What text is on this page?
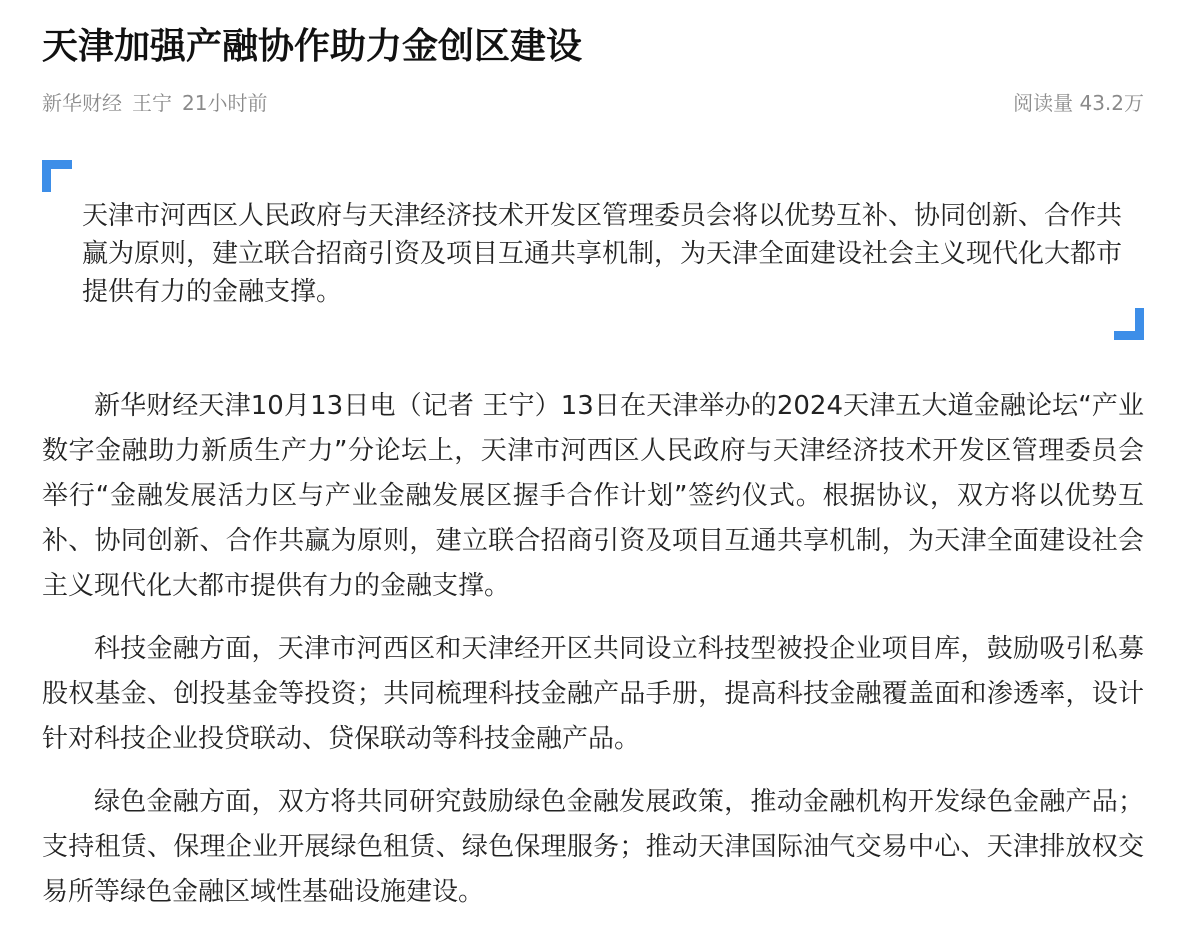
天津加强产融协作助力金创区建设
新华财经 王宁 21小时前	阅读量 43.2万

天津市河西区人民政府与天津经济技术开发区管理委员会将以优势互补、协同创新、合作共赢为原则，建立联合招商引资及项目互通共享机制，为天津全面建设社会主义现代化大都市提供有力的金融支撑。

新华财经天津10月13日电（记者 王宁）13日在天津举办的2024天津五大道金融论坛“产业数字金融助力新质生产力”分论坛上，天津市河西区人民政府与天津经济技术开发区管理委员会举行“金融发展活力区与产业金融发展区握手合作计划”签约仪式。根据协议，双方将以优势互补、协同创新、合作共赢为原则，建立联合招商引资及项目互通共享机制，为天津全面建设社会主义现代化大都市提供有力的金融支撑。

科技金融方面，天津市河西区和天津经开区共同设立科技型被投企业项目库，鼓励吸引私募股权基金、创投基金等投资；共同梳理科技金融产品手册，提高科技金融覆盖面和渗透率，设计针对科技企业投贷联动、贷保联动等科技金融产品。

绿色金融方面，双方将共同研究鼓励绿色金融发展政策，推动金融机构开发绿色金融产品；支持租赁、保理企业开展绿色租赁、绿色保理服务；推动天津国际油气交易中心、天津排放权交易所等绿色金融区域性基础设施建设。
